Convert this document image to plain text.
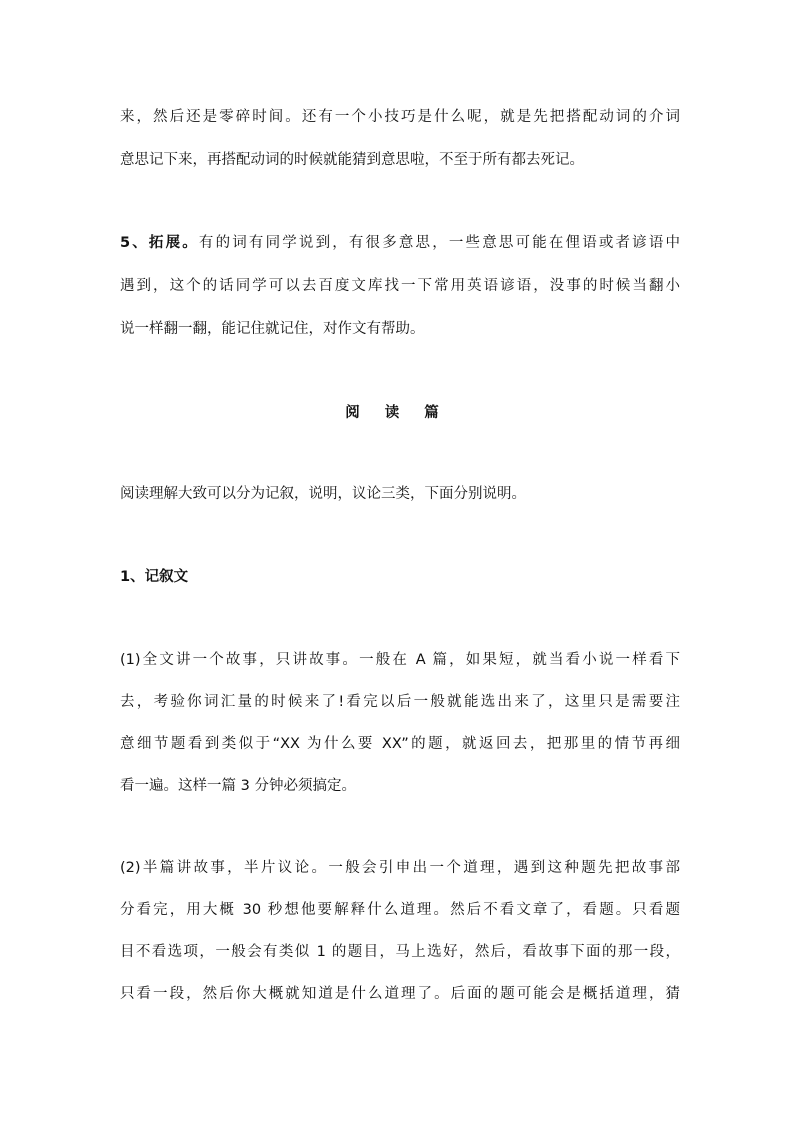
来，然后还是零碎时间。还有一个小技巧是什么呢，就是先把搭配动词的介词
意思记下来，再搭配动词的时候就能猜到意思啦，不至于所有都去死记。
5、拓展。有的词有同学说到，有很多意思，一些意思可能在俚语或者谚语中
遇到，这个的话同学可以去百度文库找一下常用英语谚语，没事的时候当翻小
说一样翻一翻，能记住就记住，对作文有帮助。
阅 读 篇
阅读理解大致可以分为记叙，说明，议论三类，下面分别说明。
1、记叙文
(1)全文讲一个故事，只讲故事。一般在 A 篇，如果短，就当看小说一样看下
去，考验你词汇量的时候来了!看完以后一般就能选出来了，这里只是需要注
意细节题看到类似于“XX 为什么要 XX”的题，就返回去，把那里的情节再细
看一遍。这样一篇 3 分钟必须搞定。
(2)半篇讲故事，半片议论。一般会引申出一个道理，遇到这种题先把故事部
分看完，用大概 30 秒想他要解释什么道理。然后不看文章了，看题。只看题
目不看选项，一般会有类似 1 的题目，马上选好，然后，看故事下面的那一段，
只看一段，然后你大概就知道是什么道理了。后面的题可能会是概括道理，猜
